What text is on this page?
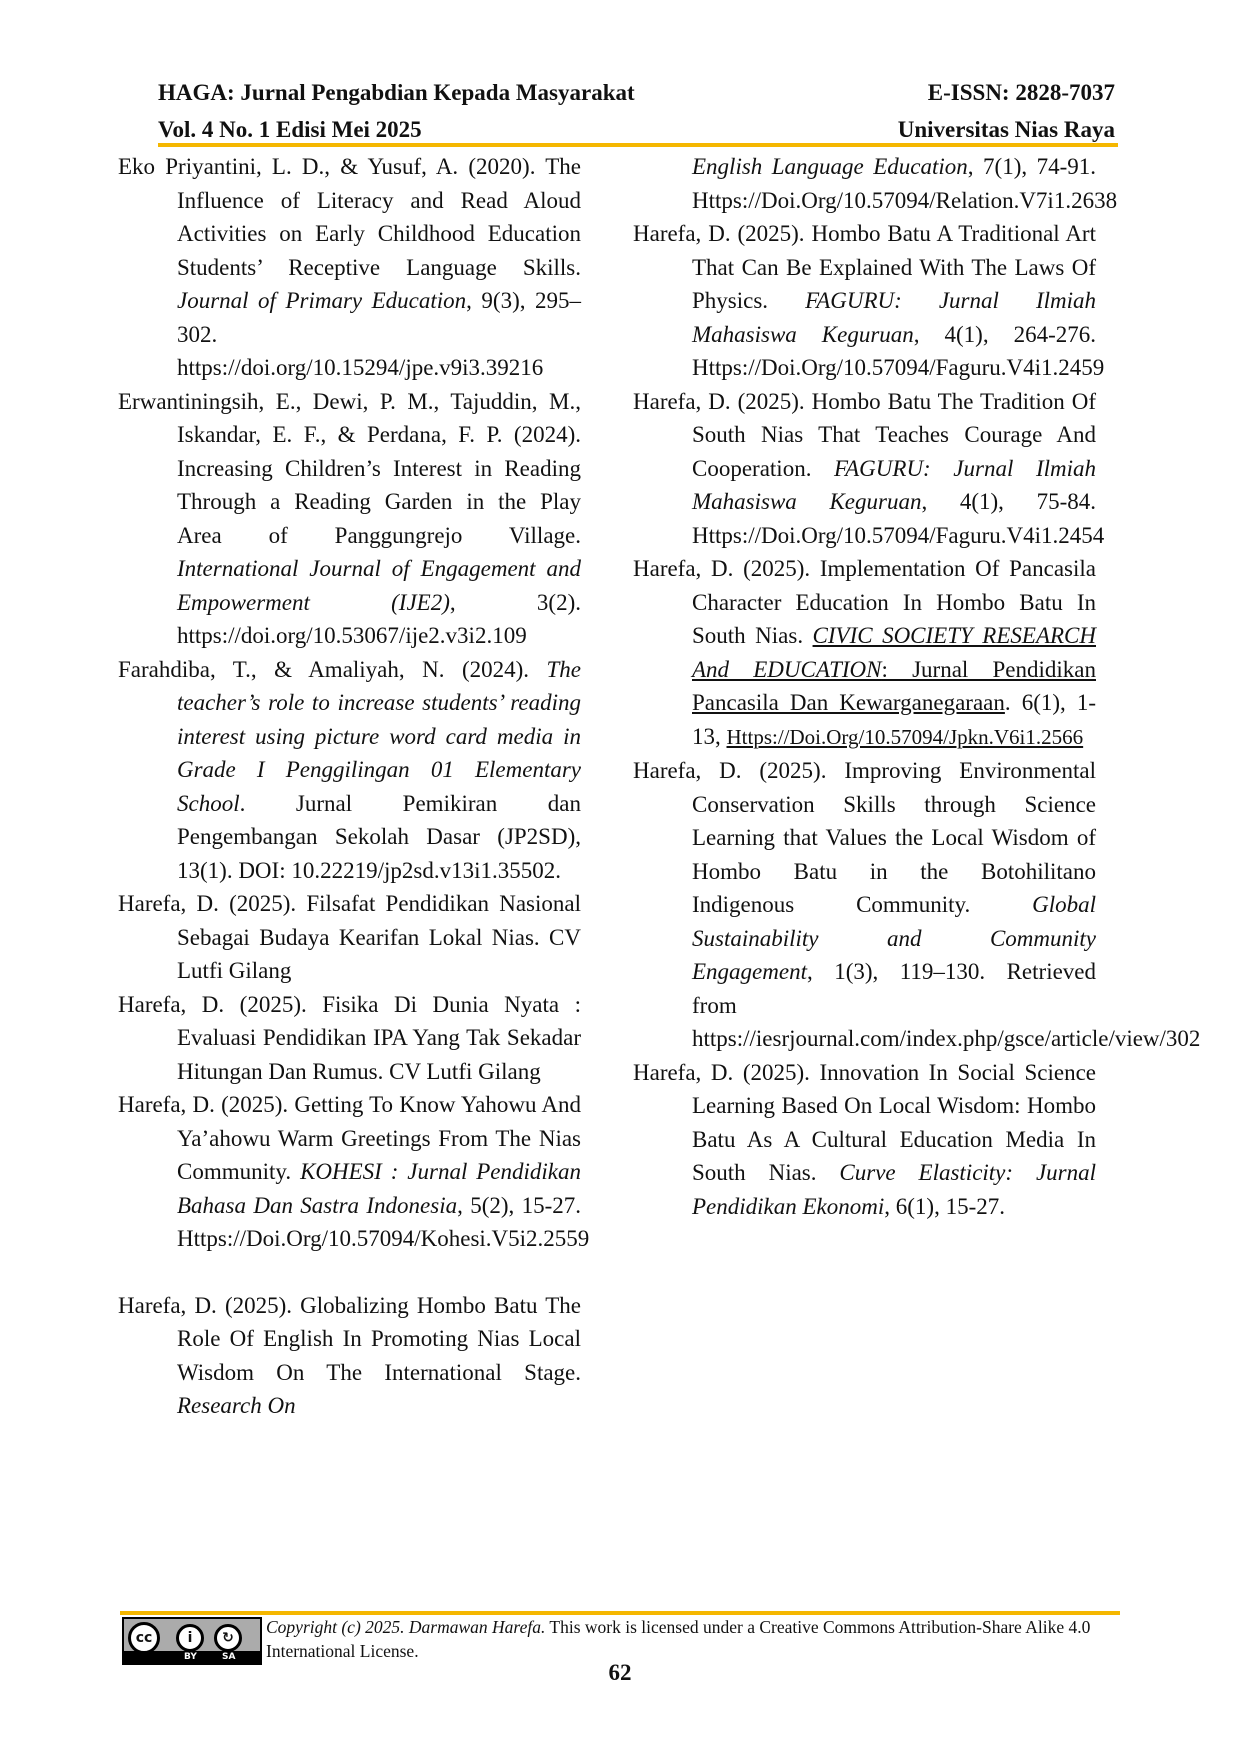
HAGA: Jurnal Pengabdian Kepada Masyarakat	E-ISSN: 2828-7037
Vol. 4 No. 1 Edisi Mei 2025	Universitas Nias Raya

Eko Priyantini, L. D., & Yusuf, A. (2020). The Influence of Literacy and Read Aloud Activities on Early Childhood Education Students’ Receptive Language Skills. Journal of Primary Education, 9(3), 295–302. https://doi.org/10.15294/jpe.v9i3.39216

Erwantiningsih, E., Dewi, P. M., Tajuddin, M., Iskandar, E. F., & Perdana, F. P. (2024). Increasing Children’s Interest in Reading Through a Reading Garden in the Play Area of Panggungrejo Village. International Journal of Engagement and Empowerment (IJE2), 3(2). https://doi.org/10.53067/ije2.v3i2.109

Farahdiba, T., & Amaliyah, N. (2024). The teacher’s role to increase students’ reading interest using picture word card media in Grade I Penggilingan 01 Elementary School. Jurnal Pemikiran dan Pengembangan Sekolah Dasar (JP2SD), 13(1). DOI: 10.22219/jp2sd.v13i1.35502.

Harefa, D. (2025). Filsafat Pendidikan Nasional Sebagai Budaya Kearifan Lokal Nias. CV Lutfi Gilang

Harefa, D. (2025). Fisika Di Dunia Nyata : Evaluasi Pendidikan IPA Yang Tak Sekadar Hitungan Dan Rumus. CV Lutfi Gilang

Harefa, D. (2025). Getting To Know Yahowu And Ya’ahowu Warm Greetings From The Nias Community. KOHESI : Jurnal Pendidikan Bahasa Dan Sastra Indonesia, 5(2), 15-27. Https://Doi.Org/10.57094/Kohesi.V5i2.2559

Harefa, D. (2025). Globalizing Hombo Batu The Role Of English In Promoting Nias Local Wisdom On The International Stage. Research On

English Language Education, 7(1), 74-91. Https://Doi.Org/10.57094/Relation.V7i1.2638

Harefa, D. (2025). Hombo Batu A Traditional Art That Can Be Explained With The Laws Of Physics. FAGURU: Jurnal Ilmiah Mahasiswa Keguruan, 4(1), 264-276. Https://Doi.Org/10.57094/Faguru.V4i1.2459

Harefa, D. (2025). Hombo Batu The Tradition Of South Nias That Teaches Courage And Cooperation. FAGURU: Jurnal Ilmiah Mahasiswa Keguruan, 4(1), 75-84. Https://Doi.Org/10.57094/Faguru.V4i1.2454

Harefa, D. (2025). Implementation Of Pancasila Character Education In Hombo Batu In South Nias. CIVIC SOCIETY RESEARCH And EDUCATION: Jurnal Pendidikan Pancasila Dan Kewarganegaraan. 6(1), 1-13, Https://Doi.Org/10.57094/Jpkn.V6i1.2566

Harefa, D. (2025). Improving Environmental Conservation Skills through Science Learning that Values the Local Wisdom of Hombo Batu in the Botohilitano Indigenous Community. Global Sustainability and Community Engagement, 1(3), 119–130. Retrieved from https://iesrjournal.com/index.php/gsce/article/view/302

Harefa, D. (2025). Innovation In Social Science Learning Based On Local Wisdom: Hombo Batu As A Cultural Education Media In South Nias. Curve Elasticity: Jurnal Pendidikan Ekonomi, 6(1), 15-27.

cc	i	↻
BY	SA
Copyright (c) 2025. Darmawan Harefa. This work is licensed under a Creative Commons Attribution-Share Alike 4.0 International License.
62
